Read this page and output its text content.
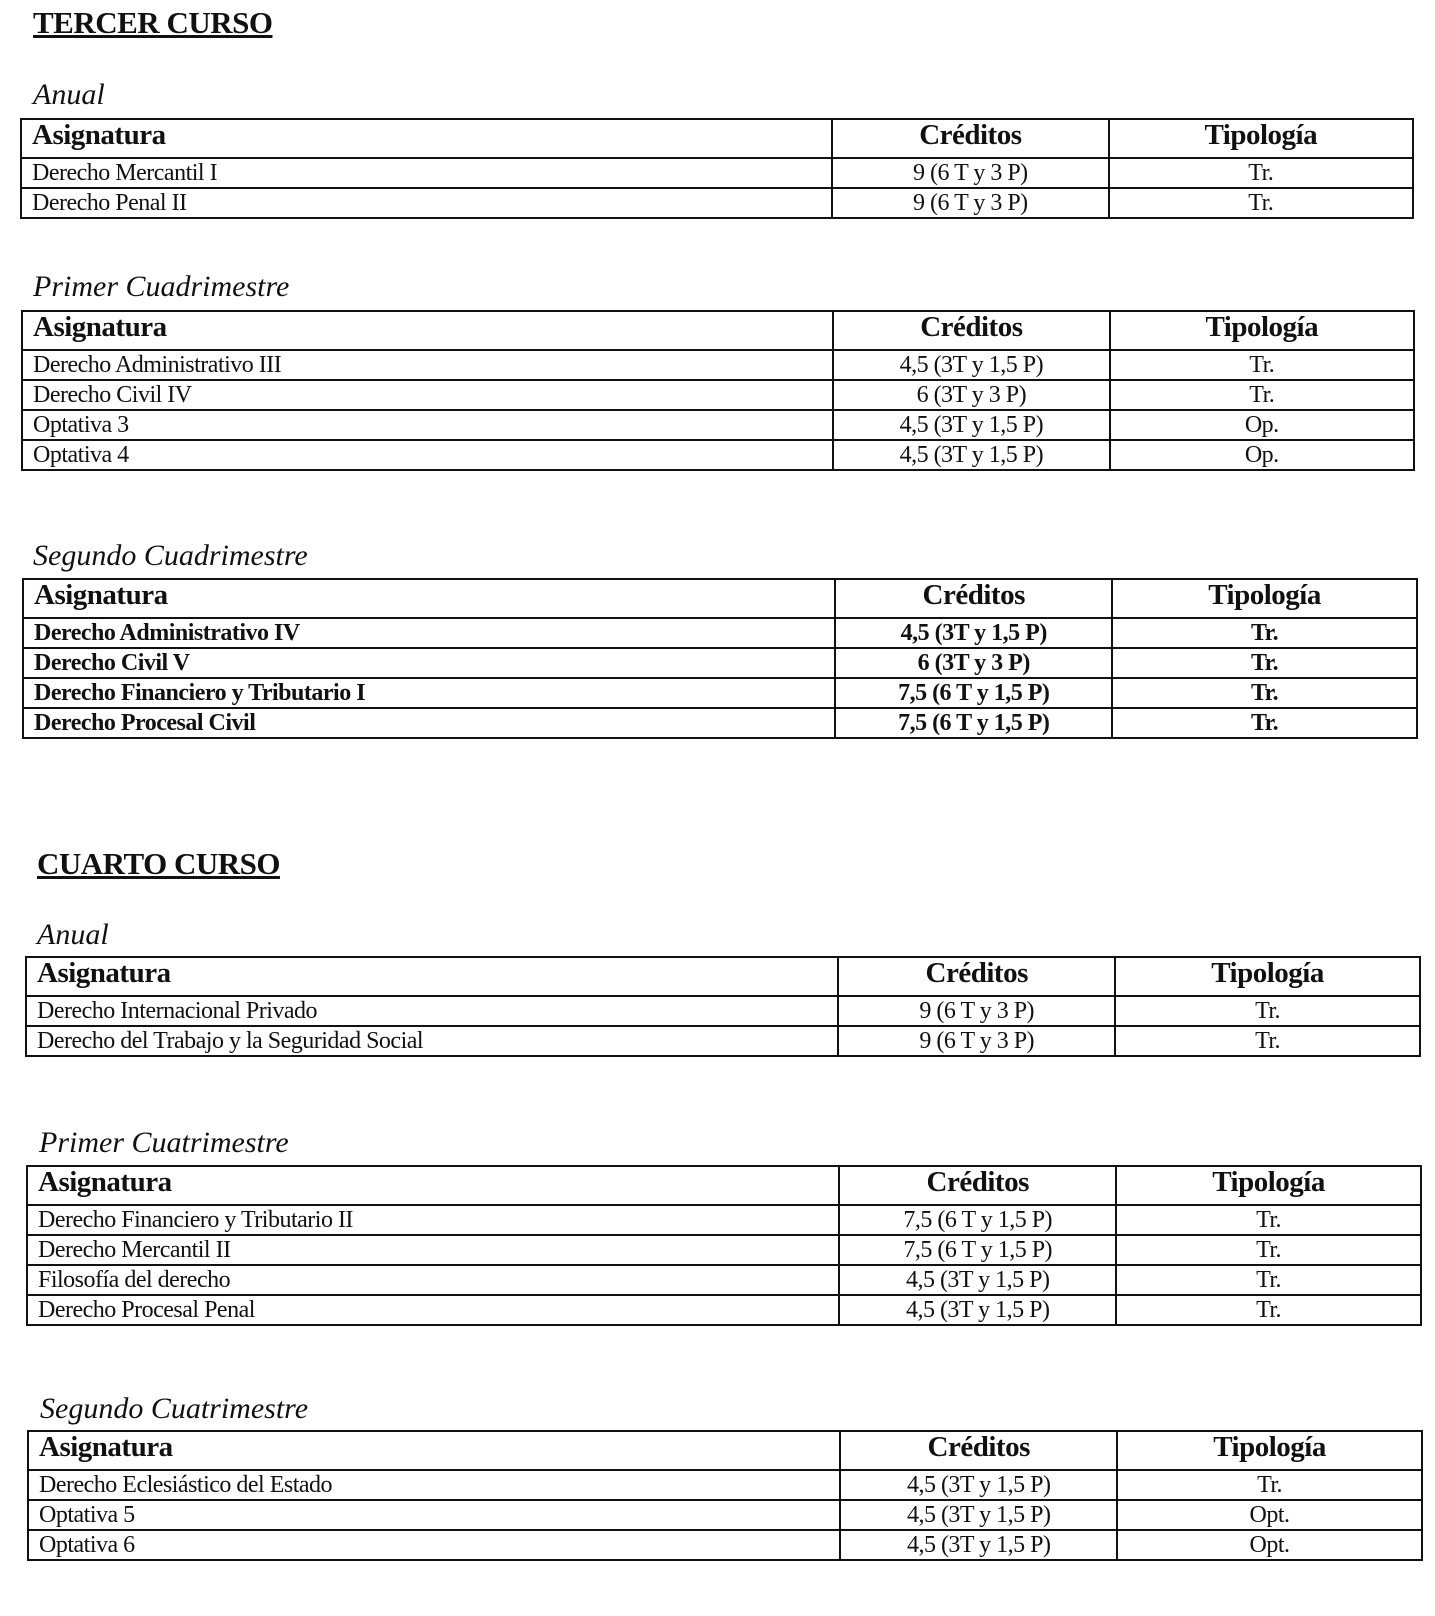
TERCER CURSO
Anual
Asignatura	Créditos	Tipología
Derecho Mercantil I	9 (6 T y 3 P)	Tr.
Derecho Penal II	9 (6 T y 3 P)	Tr.
Primer Cuadrimestre
Asignatura	Créditos	Tipología
Derecho Administrativo III	4,5 (3T y 1,5 P)	Tr.
Derecho Civil IV	6 (3T y 3 P)	Tr.
Optativa 3	4,5 (3T y 1,5 P)	Op.
Optativa 4	4,5 (3T y 1,5 P)	Op.
Segundo Cuadrimestre
Asignatura	Créditos	Tipología
Derecho Administrativo IV	4,5 (3T y 1,5 P)	Tr.
Derecho Civil V	6 (3T y 3 P)	Tr.
Derecho Financiero y Tributario I	7,5 (6 T y 1,5 P)	Tr.
Derecho Procesal Civil	7,5 (6 T y 1,5 P)	Tr.
CUARTO CURSO
Anual
Asignatura	Créditos	Tipología
Derecho Internacional Privado	9 (6 T y 3 P)	Tr.
Derecho del Trabajo y la Seguridad Social	9 (6 T y 3 P)	Tr.
Primer Cuatrimestre
Asignatura	Créditos	Tipología
Derecho Financiero y Tributario II	7,5 (6 T y 1,5 P)	Tr.
Derecho Mercantil II	7,5 (6 T y 1,5 P)	Tr.
Filosofía del derecho	4,5 (3T y 1,5 P)	Tr.
Derecho Procesal Penal	4,5 (3T y 1,5 P)	Tr.
Segundo Cuatrimestre
Asignatura	Créditos	Tipología
Derecho Eclesiástico del Estado	4,5 (3T y 1,5 P)	Tr.
Optativa 5	4,5 (3T y 1,5 P)	Opt.
Optativa 6	4,5 (3T y 1,5 P)	Opt.
